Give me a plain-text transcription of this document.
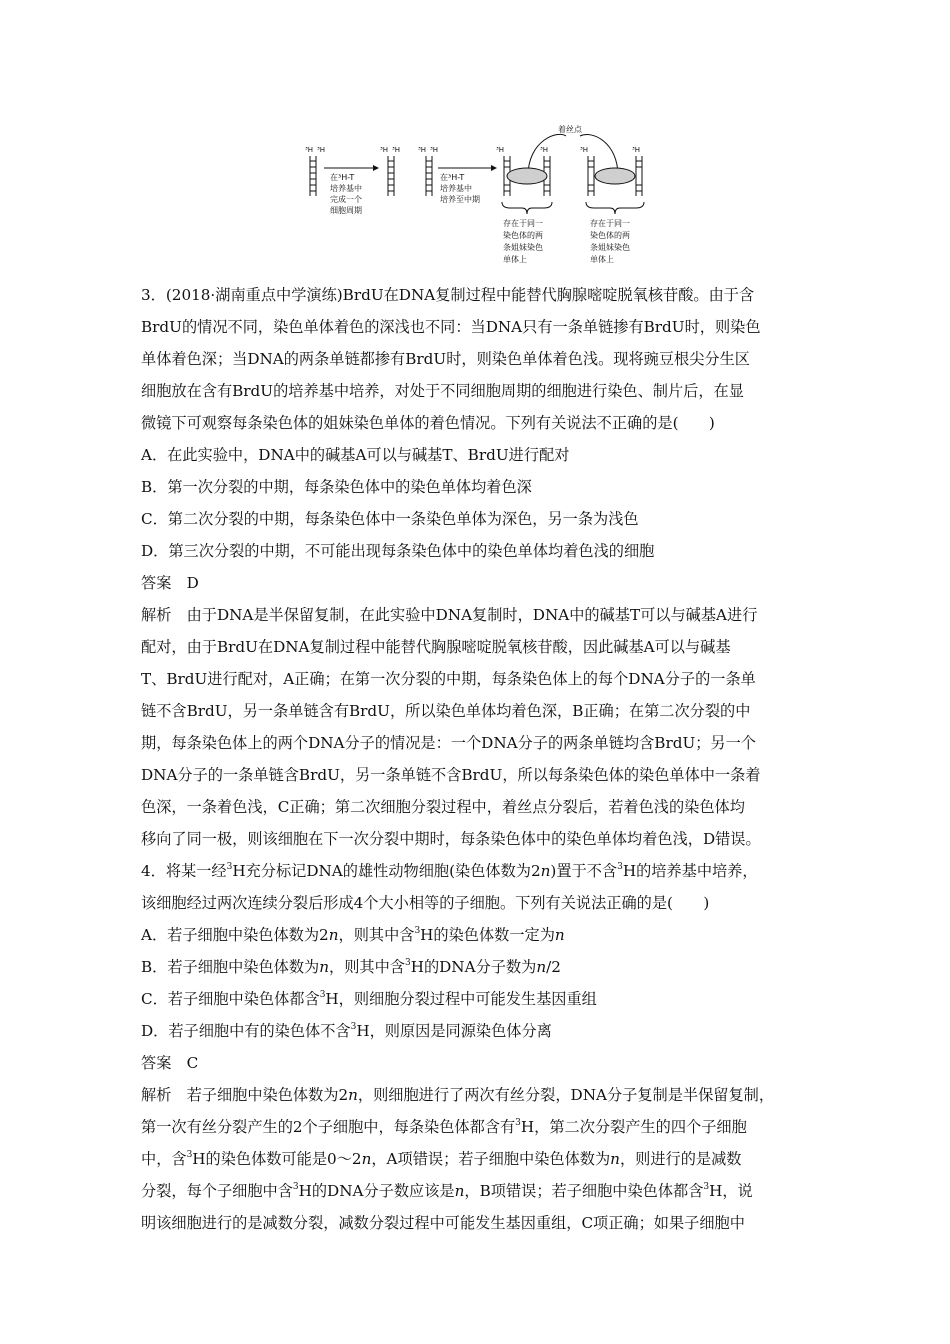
³H ³H
在³H-T
培养基中
完成一个
细胞周期
³H ³H	³H ³H
在³H-T
培养基中
培养至中期
着丝点
³H	³H	³H	³H
存在于同一
染色体的两
条姐妹染色
单体上
存在于同一
染色体的两
条姐妹染色
单体上
3．(2018·湖南重点中学演练)BrdU在DNA复制过程中能替代胸腺嘧啶脱氧核苷酸。由于含
BrdU的情况不同，染色单体着色的深浅也不同：当DNA只有一条单链掺有BrdU时，则染色
单体着色深；当DNA的两条单链都掺有BrdU时，则染色单体着色浅。现将豌豆根尖分生区
细胞放在含有BrdU的培养基中培养，对处于不同细胞周期的细胞进行染色、制片后，在显
微镜下可观察每条染色体的姐妹染色单体的着色情况。下列有关说法不正确的是(　　)
A．在此实验中，DNA中的碱基A可以与碱基T、BrdU进行配对
B．第一次分裂的中期，每条染色体中的染色单体均着色深
C．第二次分裂的中期，每条染色体中一条染色单体为深色，另一条为浅色
D．第三次分裂的中期，不可能出现每条染色体中的染色单体均着色浅的细胞
答案　D
解析　由于DNA是半保留复制，在此实验中DNA复制时，DNA中的碱基T可以与碱基A进行
配对，由于BrdU在DNA复制过程中能替代胸腺嘧啶脱氧核苷酸，因此碱基A可以与碱基
T、BrdU进行配对，A正确；在第一次分裂的中期，每条染色体上的每个DNA分子的一条单
链不含BrdU，另一条单链含有BrdU，所以染色单体均着色深，B正确；在第二次分裂的中
期，每条染色体上的两个DNA分子的情况是：一个DNA分子的两条单链均含BrdU；另一个
DNA分子的一条单链含BrdU，另一条单链不含BrdU，所以每条染色体的染色单体中一条着
色深，一条着色浅，C正确；第二次细胞分裂过程中，着丝点分裂后，若着色浅的染色体均
移向了同一极，则该细胞在下一次分裂中期时，每条染色体中的染色单体均着色浅，D错误。
4．将某一经$^3$H充分标记DNA的雄性动物细胞(染色体数为2n)置于不含$^3$H的培养基中培养，
该细胞经过两次连续分裂后形成4个大小相等的子细胞。下列有关说法正确的是(　　)
A．若子细胞中染色体数为2n，则其中含$^3$H的染色体数一定为n
B．若子细胞中染色体数为n，则其中含$^3$H的DNA分子数为n/2
C．若子细胞中染色体都含$^3$H，则细胞分裂过程中可能发生基因重组
D．若子细胞中有的染色体不含$^3$H，则原因是同源染色体分离
答案　C
解析　若子细胞中染色体数为2n，则细胞进行了两次有丝分裂，DNA分子复制是半保留复制，
第一次有丝分裂产生的2个子细胞中，每条染色体都含有$^3$H，第二次分裂产生的四个子细胞
中，含$^3$H的染色体数可能是0～2n，A项错误；若子细胞中染色体数为n，则进行的是减数
分裂，每个子细胞中含$^3$H的DNA分子数应该是n，B项错误；若子细胞中染色体都含$^3$H，说
明该细胞进行的是减数分裂，减数分裂过程中可能发生基因重组，C项正确；如果子细胞中
